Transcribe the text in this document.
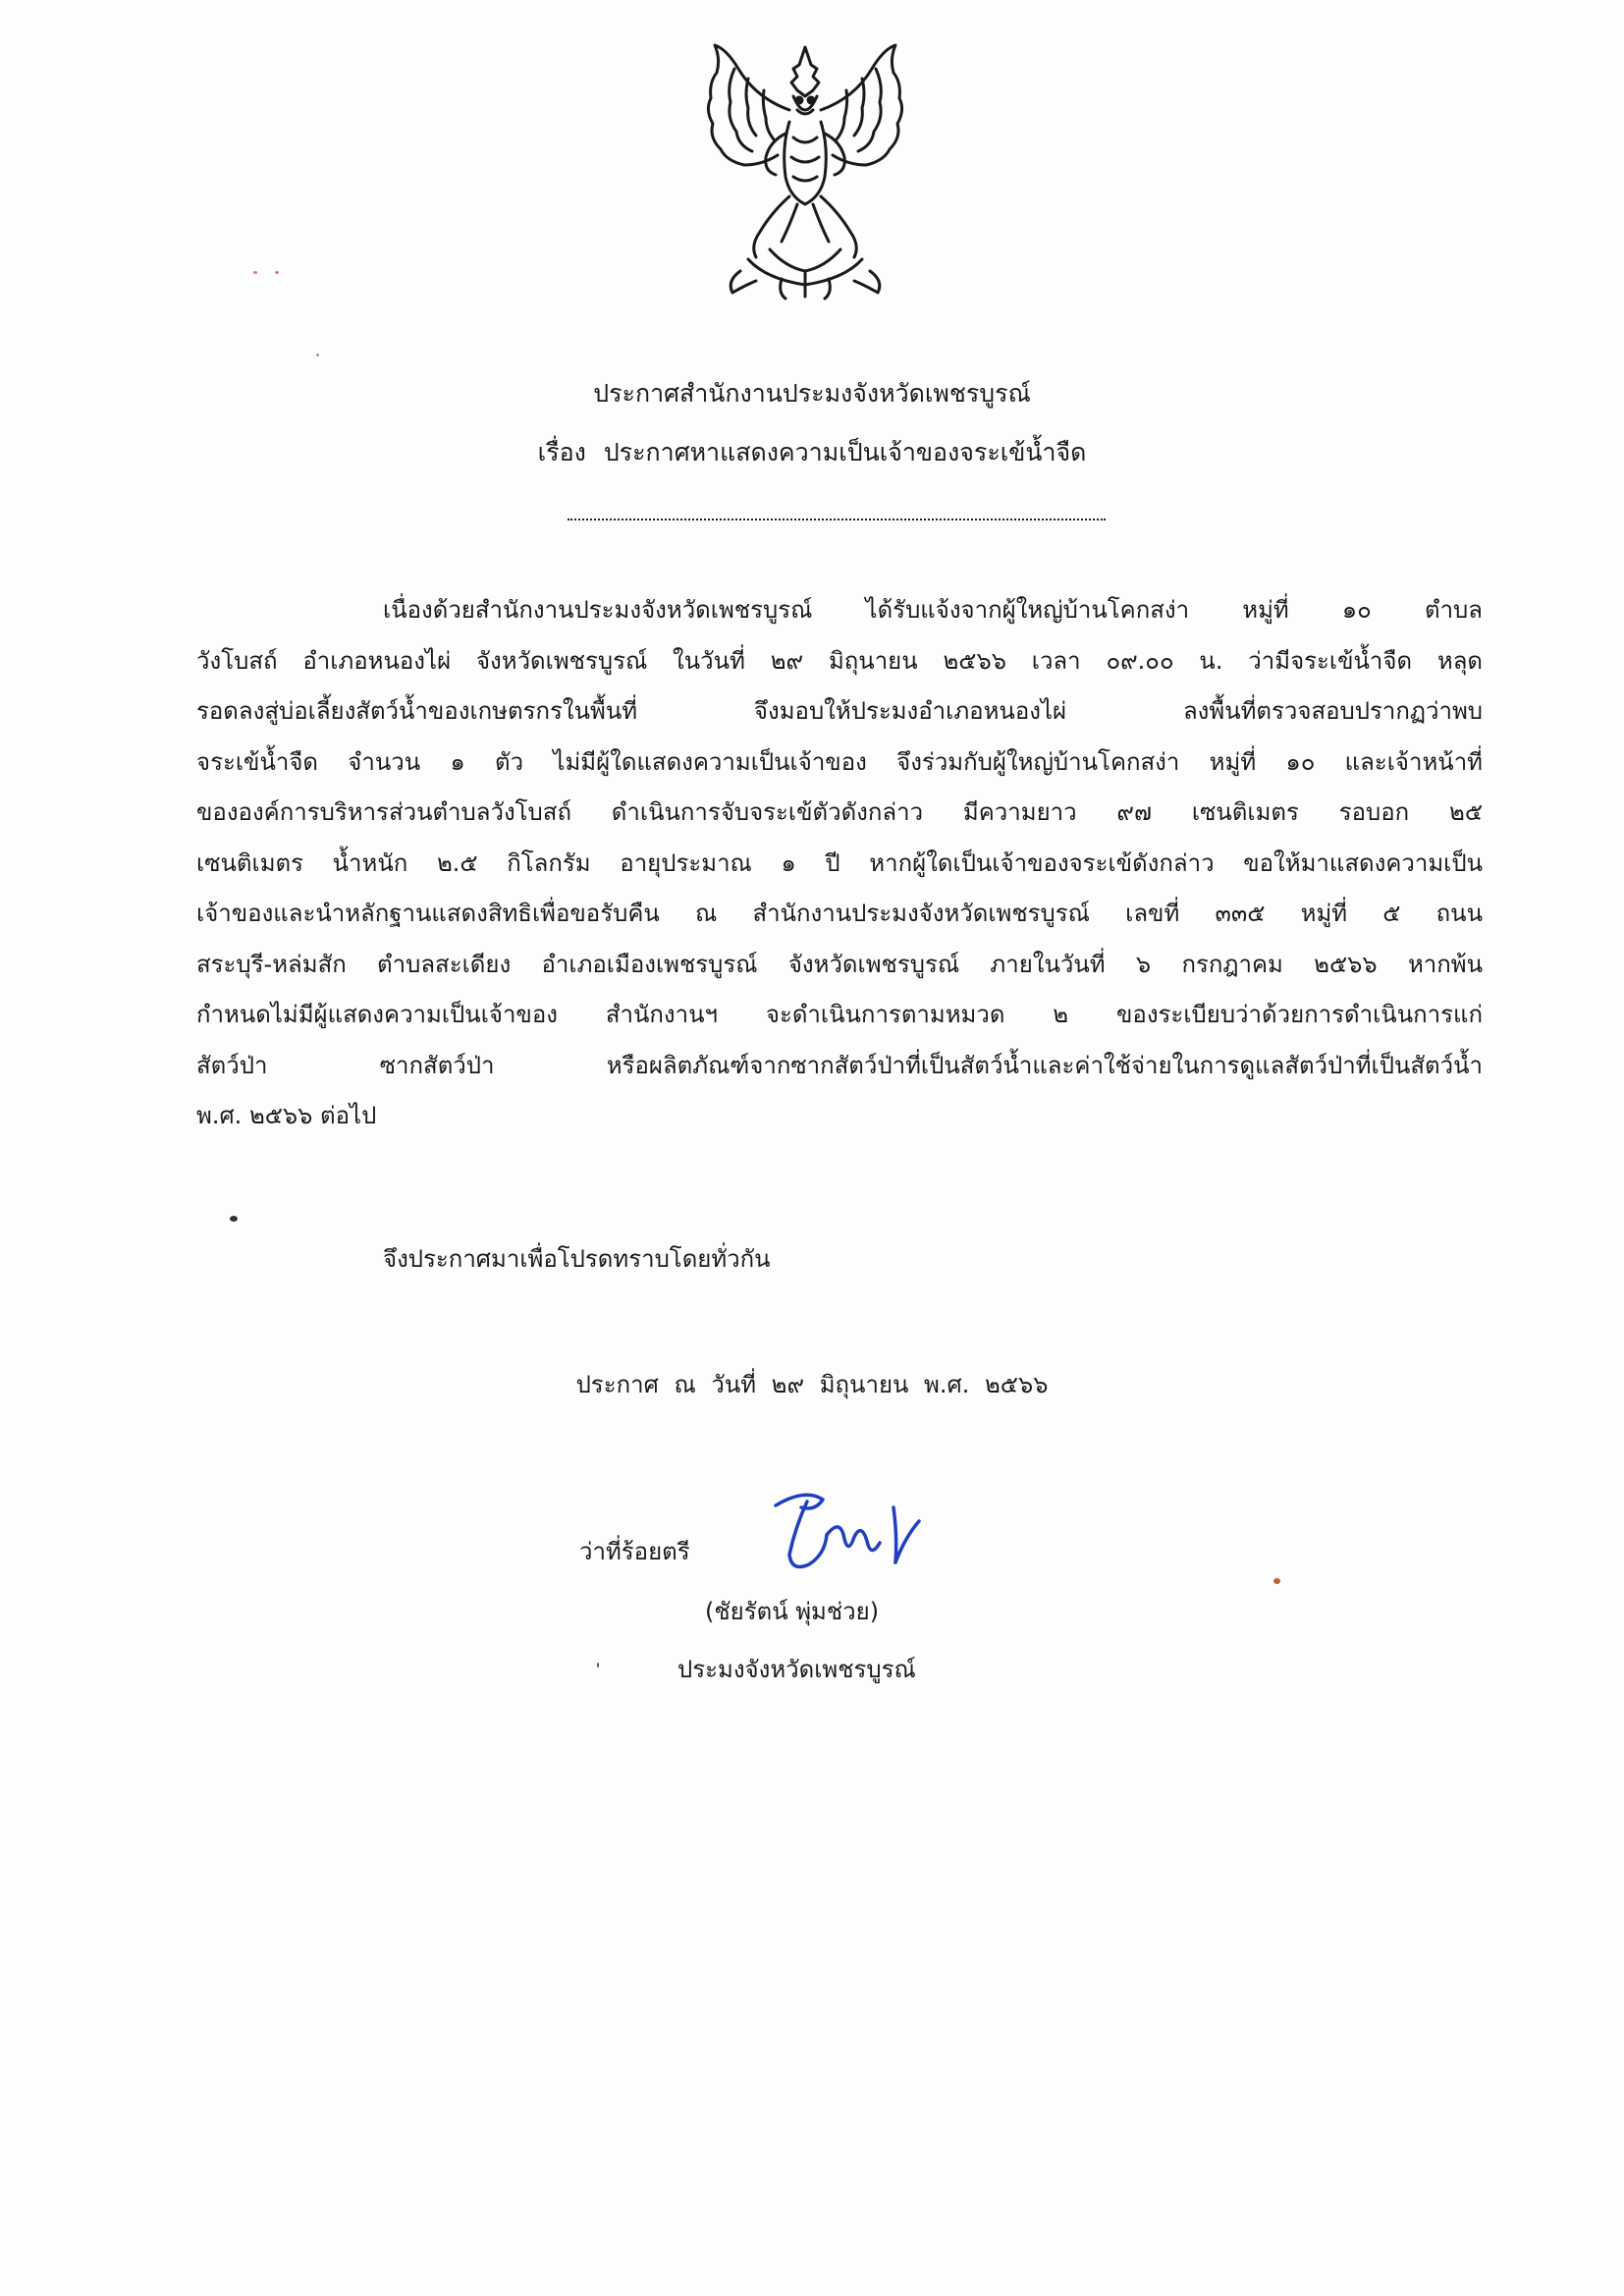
ประกาศสำนักงานประมงจังหวัดเพชรบูรณ์
เรื่อง ประกาศหาแสดงความเป็นเจ้าของจระเข้น้ำจืด
เนื่องด้วยสำนักงานประมงจังหวัดเพชรบูรณ์ ได้รับแจ้งจากผู้ใหญ่บ้านโคกสง่า หมู่ที่ ๑๐ ตำบล
วังโบสถ์ อำเภอหนองไผ่ จังหวัดเพชรบูรณ์ ในวันที่ ๒๙ มิถุนายน ๒๕๖๖ เวลา ๐๙.๐๐ น. ว่ามีจระเข้น้ำจืด หลุด
รอดลงสู่บ่อเลี้ยงสัตว์น้ำของเกษตรกรในพื้นที่ จึงมอบให้ประมงอำเภอหนองไผ่ ลงพื้นที่ตรวจสอบปรากฏว่าพบ
จระเข้น้ำจืด จำนวน ๑ ตัว ไม่มีผู้ใดแสดงความเป็นเจ้าของ จึงร่วมกับผู้ใหญ่บ้านโคกสง่า หมู่ที่ ๑๐ และเจ้าหน้าที่
ขององค์การบริหารส่วนตำบลวังโบสถ์ ดำเนินการจับจระเข้ตัวดังกล่าว มีความยาว ๙๗ เซนติเมตร รอบอก ๒๕
เซนติเมตร น้ำหนัก ๒.๕ กิโลกรัม อายุประมาณ ๑ ปี หากผู้ใดเป็นเจ้าของจระเข้ดังกล่าว ขอให้มาแสดงความเป็น
เจ้าของและนำหลักฐานแสดงสิทธิเพื่อขอรับคืน ณ สำนักงานประมงจังหวัดเพชรบูรณ์ เลขที่ ๓๓๕ หมู่ที่ ๕ ถนน
สระบุรี-หล่มสัก ตำบลสะเดียง อำเภอเมืองเพชรบูรณ์ จังหวัดเพชรบูรณ์ ภายในวันที่ ๖ กรกฎาคม ๒๕๖๖ หากพ้น
กำหนดไม่มีผู้แสดงความเป็นเจ้าของ สำนักงานฯ จะดำเนินการตามหมวด ๒ ของระเบียบว่าด้วยการดำเนินการแก่
สัตว์ป่า ซากสัตว์ป่า หรือผลิตภัณฑ์จากซากสัตว์ป่าที่เป็นสัตว์น้ำและค่าใช้จ่ายในการดูแลสัตว์ป่าที่เป็นสัตว์น้ำ
พ.ศ. ๒๕๖๖ ต่อไป
จึงประกาศมาเพื่อโปรดทราบโดยทั่วกัน
ประกาศ ณ วันที่ ๒๙ มิถุนายน พ.ศ. ๒๕๖๖
ว่าที่ร้อยตรี
(ชัยรัตน์ พุ่มช่วย)
ประมงจังหวัดเพชรบูรณ์
